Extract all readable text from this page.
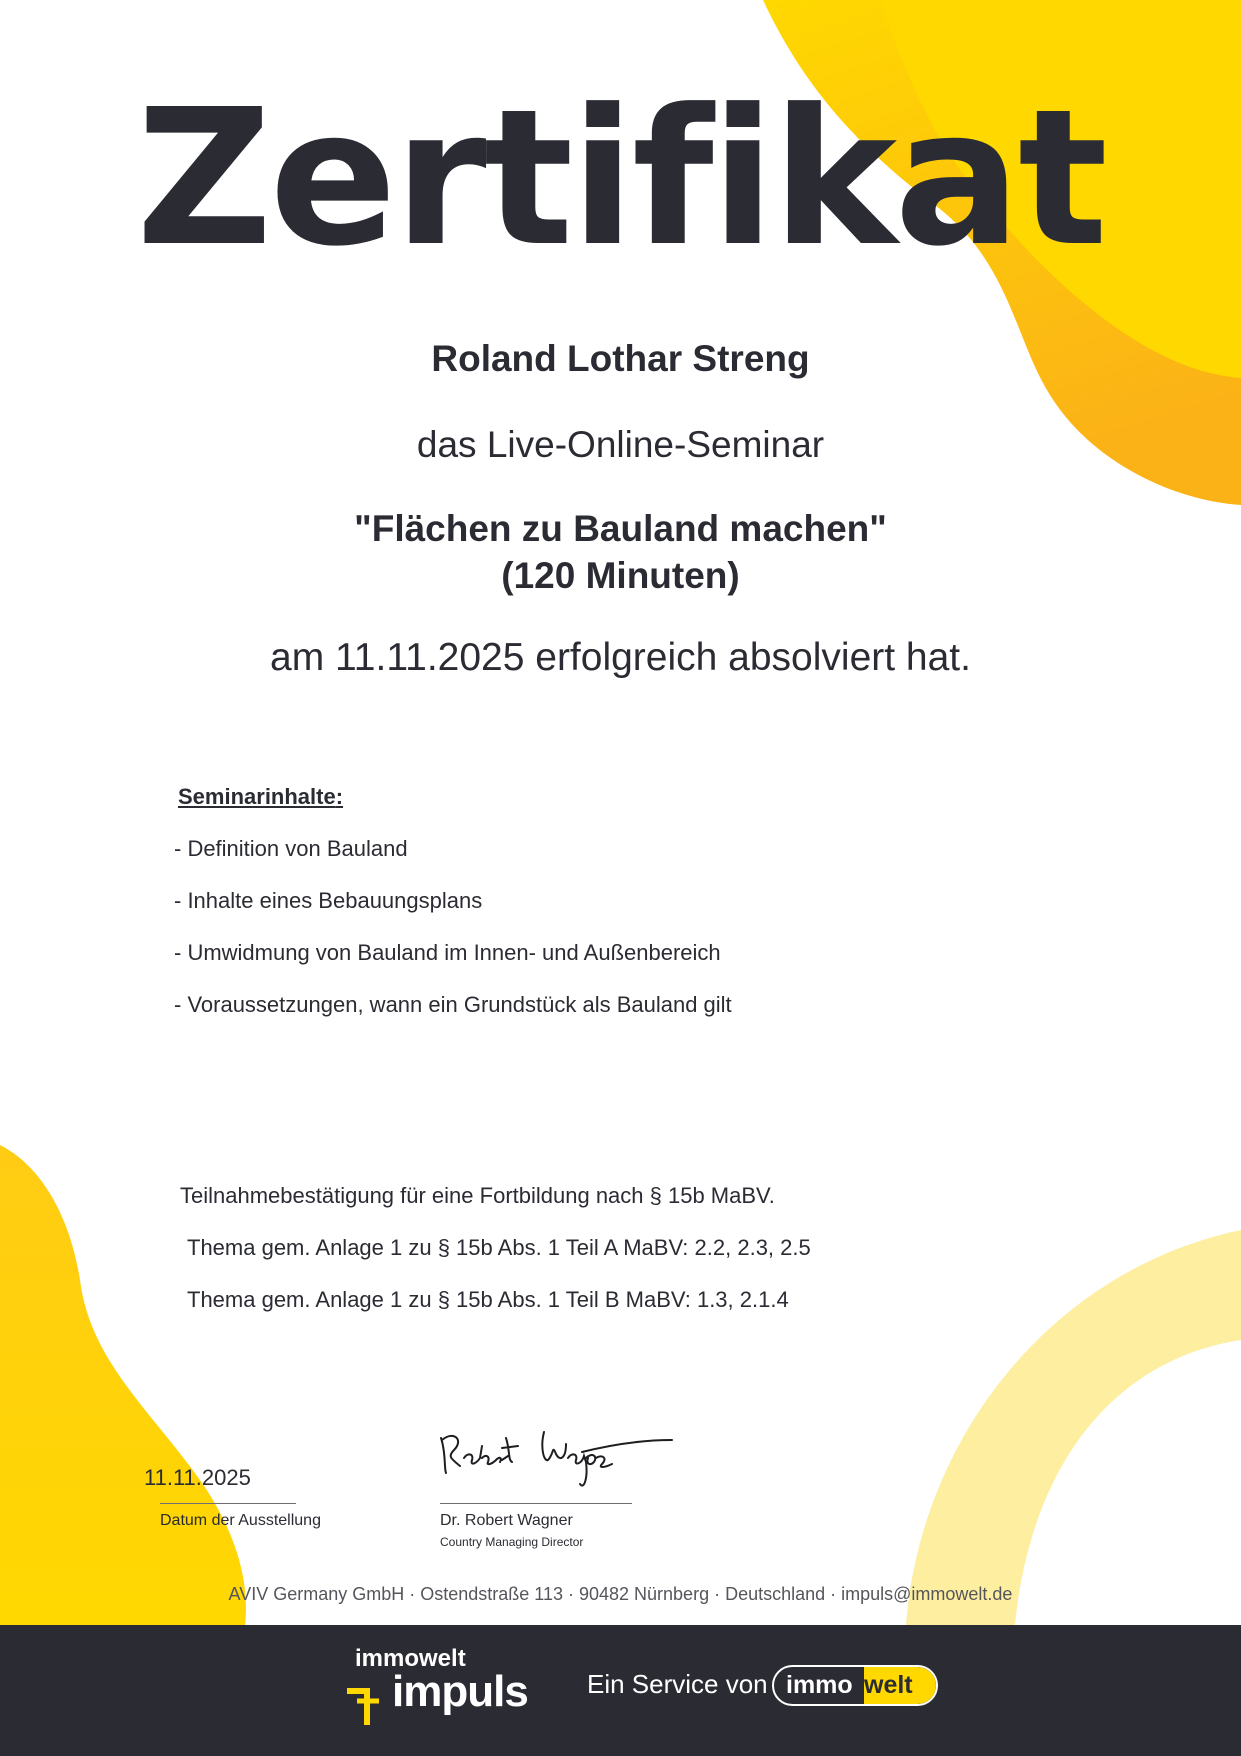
Zertifikat
Roland Lothar Streng
das Live-Online-Seminar
"Flächen zu Bauland machen"
(120 Minuten)
am 11.11.2025 erfolgreich absolviert hat.
Seminarinhalte:
- Definition von Bauland
- Inhalte eines Bebauungsplans
- Umwidmung von Bauland im Innen- und Außenbereich
- Voraussetzungen, wann ein Grundstück als Bauland gilt
Teilnahmebestätigung für eine Fortbildung nach § 15b MaBV.
Thema gem. Anlage 1 zu § 15b Abs. 1 Teil A MaBV: 2.2, 2.3, 2.5
Thema gem. Anlage 1 zu § 15b Abs. 1 Teil B MaBV: 1.3, 2.1.4
11.11.2025
Datum der Ausstellung
Robert Wagner
Dr. Robert Wagner
Country Managing Director
AVIV Germany GmbH · Ostendstraße 113 · 90482 Nürnberg · Deutschland · impuls@immowelt.de
immowelt
impuls Ein Service von immo welt
